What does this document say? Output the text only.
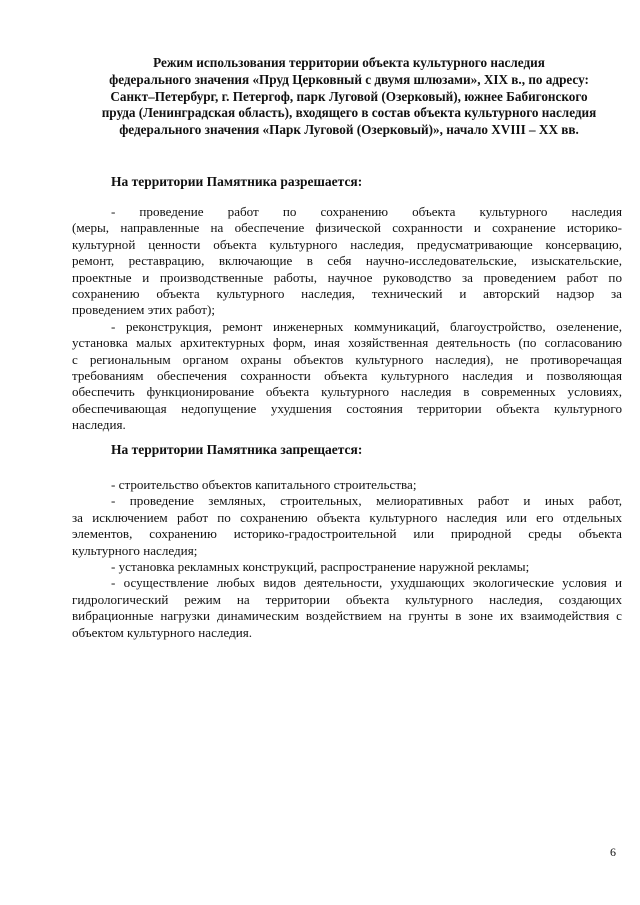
Режим использования территории объекта культурного наследия
федерального значения «Пруд Церковный с двумя шлюзами», XIX в., по адресу:
Санкт–Петербург, г. Петергоф, парк Луговой (Озерковый), южнее Бабигонского
пруда (Ленинградская область), входящего в состав объекта культурного наследия
федерального значения «Парк Луговой (Озерковый)», начало XVIII – XX вв.
На территории Памятника разрешается:
- проведение работ по сохранению объекта культурного наследия
(меры, направленные на обеспечение физической сохранности и сохранение историко-
культурной ценности объекта культурного наследия, предусматривающие консервацию,
ремонт, реставрацию, включающие в себя научно-исследовательские, изыскательские,
проектные и производственные работы, научное руководство за проведением работ по
сохранению объекта культурного наследия, технический и авторский надзор за
проведением этих работ);
- реконструкция, ремонт инженерных коммуникаций, благоустройство, озеленение,
установка малых архитектурных форм, иная хозяйственная деятельность (по согласованию
с региональным органом охраны объектов культурного наследия), не противоречащая
требованиям обеспечения сохранности объекта культурного наследия и позволяющая
обеспечить функционирование объекта культурного наследия в современных условиях,
обеспечивающая недопущение ухудшения состояния территории объекта культурного
наследия.
На территории Памятника запрещается:
- строительство объектов капитального строительства;
- проведение земляных, строительных, мелиоративных работ и иных работ,
за исключением работ по сохранению объекта культурного наследия или его отдельных
элементов, сохранению историко-градостроительной или природной среды объекта
культурного наследия;
- установка рекламных конструкций, распространение наружной рекламы;
- осуществление любых видов деятельности, ухудшающих экологические условия и
гидрологический режим на территории объекта культурного наследия, создающих
вибрационные нагрузки динамическим воздействием на грунты в зоне их взаимодействия с
объектом культурного наследия.
6
